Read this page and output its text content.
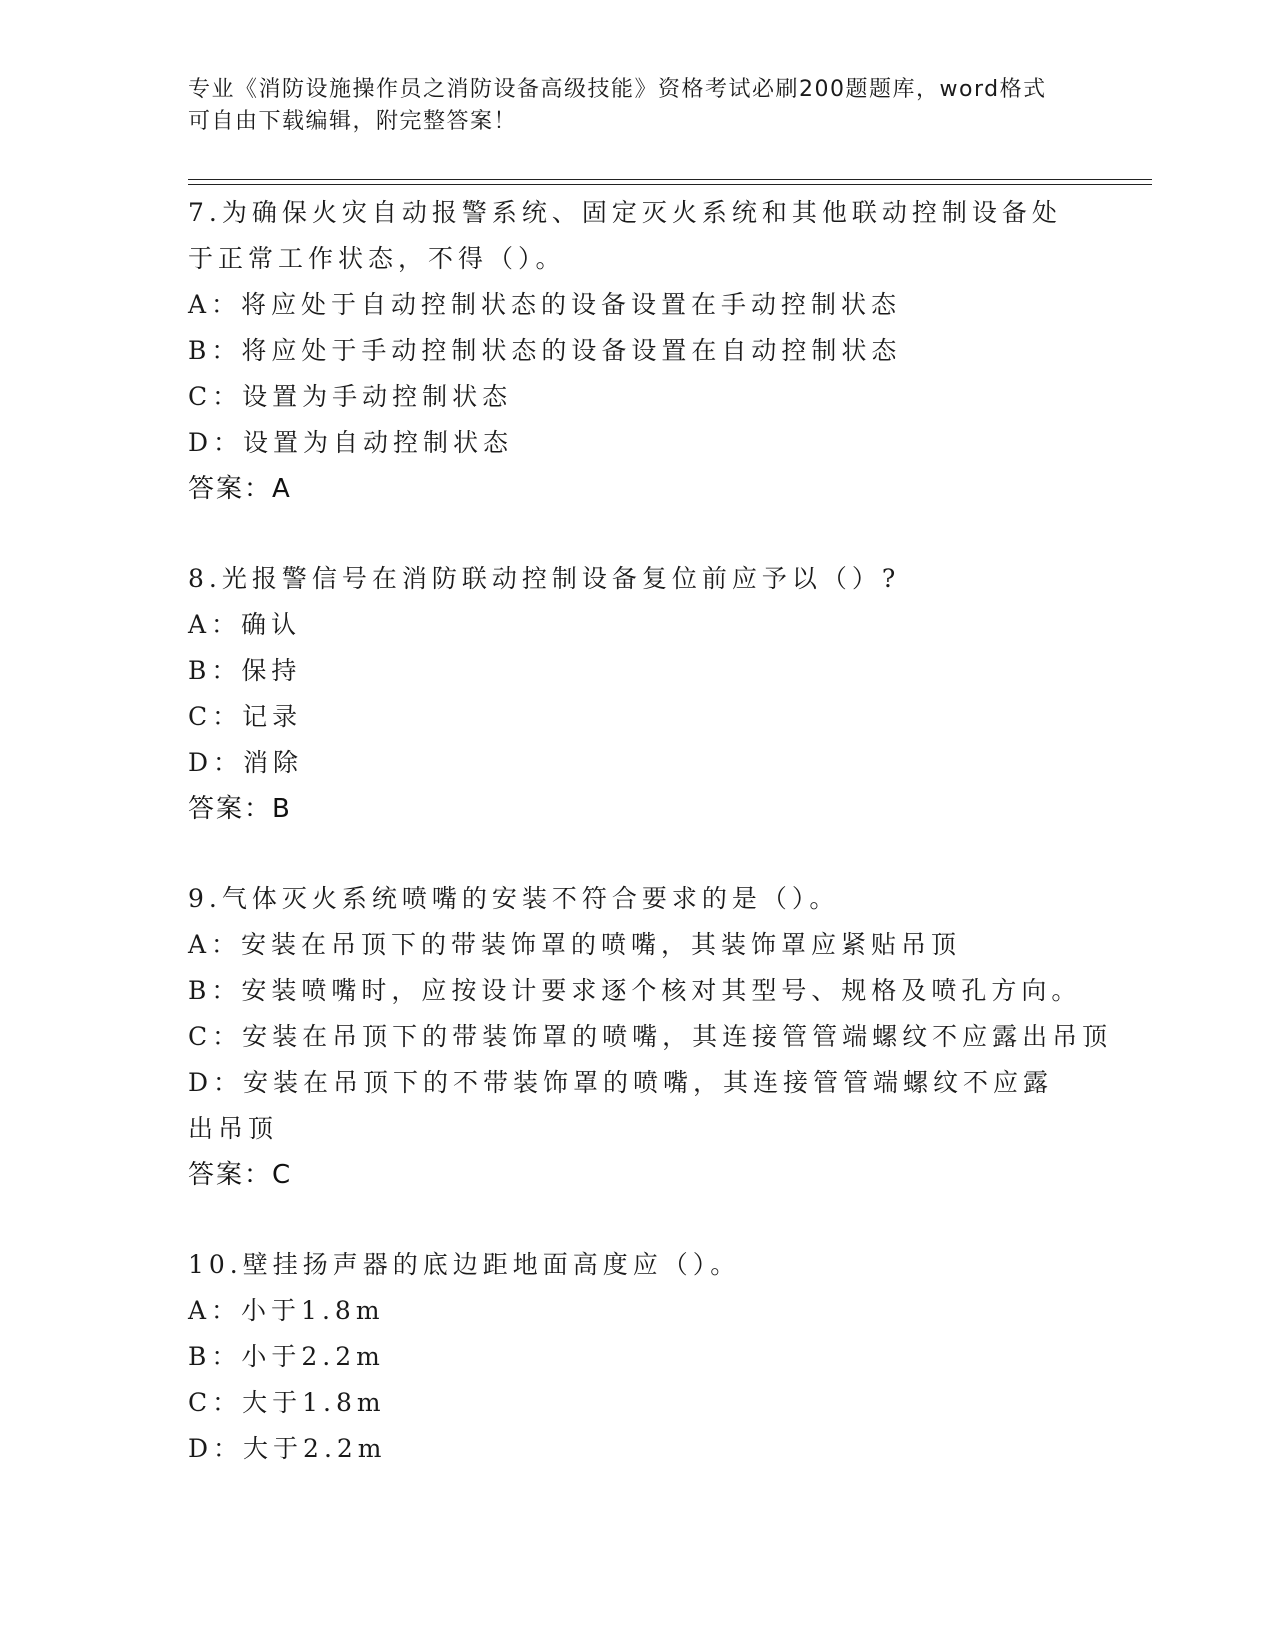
专业《消防设施操作员之消防设备高级技能》资格考试必刷200题题库，word格式可自由下载编辑，附完整答案！
7.为确保火灾自动报警系统、固定灭火系统和其他联动控制设备处于正常工作状态，不得（）。
A：将应处于自动控制状态的设备设置在手动控制状态
B：将应处于手动控制状态的设备设置在自动控制状态
C：设置为手动控制状态
D：设置为自动控制状态
答案：A
8.光报警信号在消防联动控制设备复位前应予以（）?
A：确认
B：保持
C：记录
D：消除
答案：B
9.气体灭火系统喷嘴的安装不符合要求的是（）。
A：安装在吊顶下的带装饰罩的喷嘴，其装饰罩应紧贴吊顶
B：安装喷嘴时，应按设计要求逐个核对其型号、规格及喷孔方向。
C：安装在吊顶下的带装饰罩的喷嘴，其连接管管端螺纹不应露出吊顶
D：安装在吊顶下的不带装饰罩的喷嘴，其连接管管端螺纹不应露出吊顶
答案：C
10.壁挂扬声器的底边距地面高度应（）。
A：小于1.8m
B：小于2.2m
C：大于1.8m
D：大于2.2m
